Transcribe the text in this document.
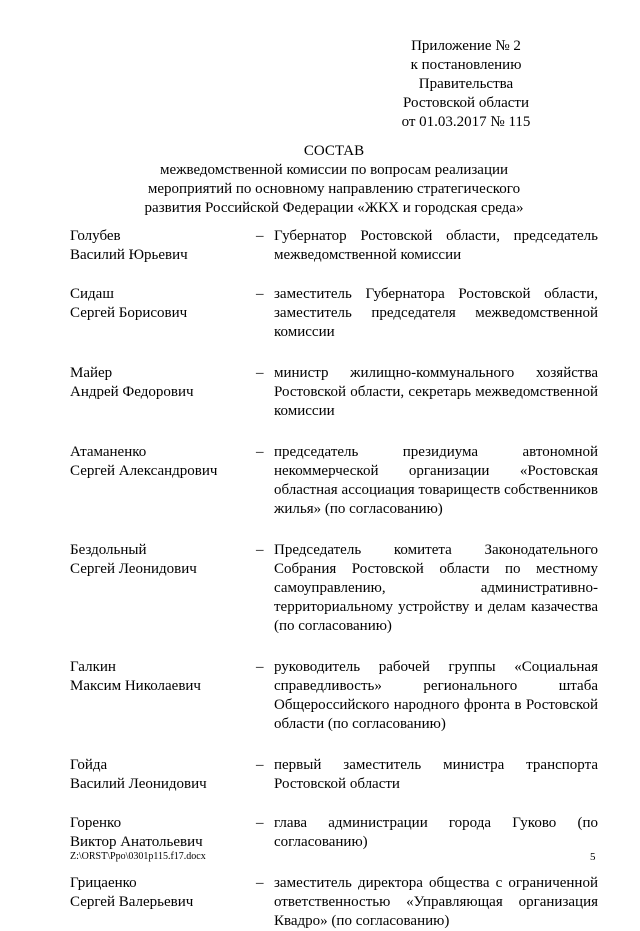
Приложение № 2
к постановлению
Правительства
Ростовской области
от 01.03.2017 № 115
СОСТАВ
межведомственной комиссии по вопросам реализации
мероприятий по основному направлению стратегического
развития Российской Федерации «ЖКХ и городская среда»
Голубев
Василий Юрьевич
– Губернатор Ростовской области, председатель межведомственной комиссии
Сидаш
Сергей Борисович
– заместитель Губернатора Ростовской области, заместитель председателя межведомственной комиссии
Майер
Андрей Федорович
– министр жилищно-коммунального хозяйства Ростовской области, секретарь межведомственной комиссии
Атаманенко
Сергей Александрович
– председатель президиума автономной некоммерческой организации «Ростовская областная ассоциация товариществ собственников жилья» (по согласованию)
Бездольный
Сергей Леонидович
– Председатель комитета Законодательного Собрания Ростовской области по местному самоуправлению, административно-территориальному устройству и делам казачества (по согласованию)
Галкин
Максим Николаевич
– руководитель рабочей группы «Социальная справедливость» регионального штаба Общероссийского народного фронта в Ростовской области (по согласованию)
Гойда
Василий Леонидович
– первый заместитель министра транспорта Ростовской области
Горенко
Виктор Анатольевич
– глава администрации города Гуково (по согласованию)
Грицаенко
Сергей Валерьевич
– заместитель директора общества с ограниченной ответственностью «Управляющая организация Квадро» (по согласованию)
Z:\ORST\Ppo\0301p115.f17.docx	5
